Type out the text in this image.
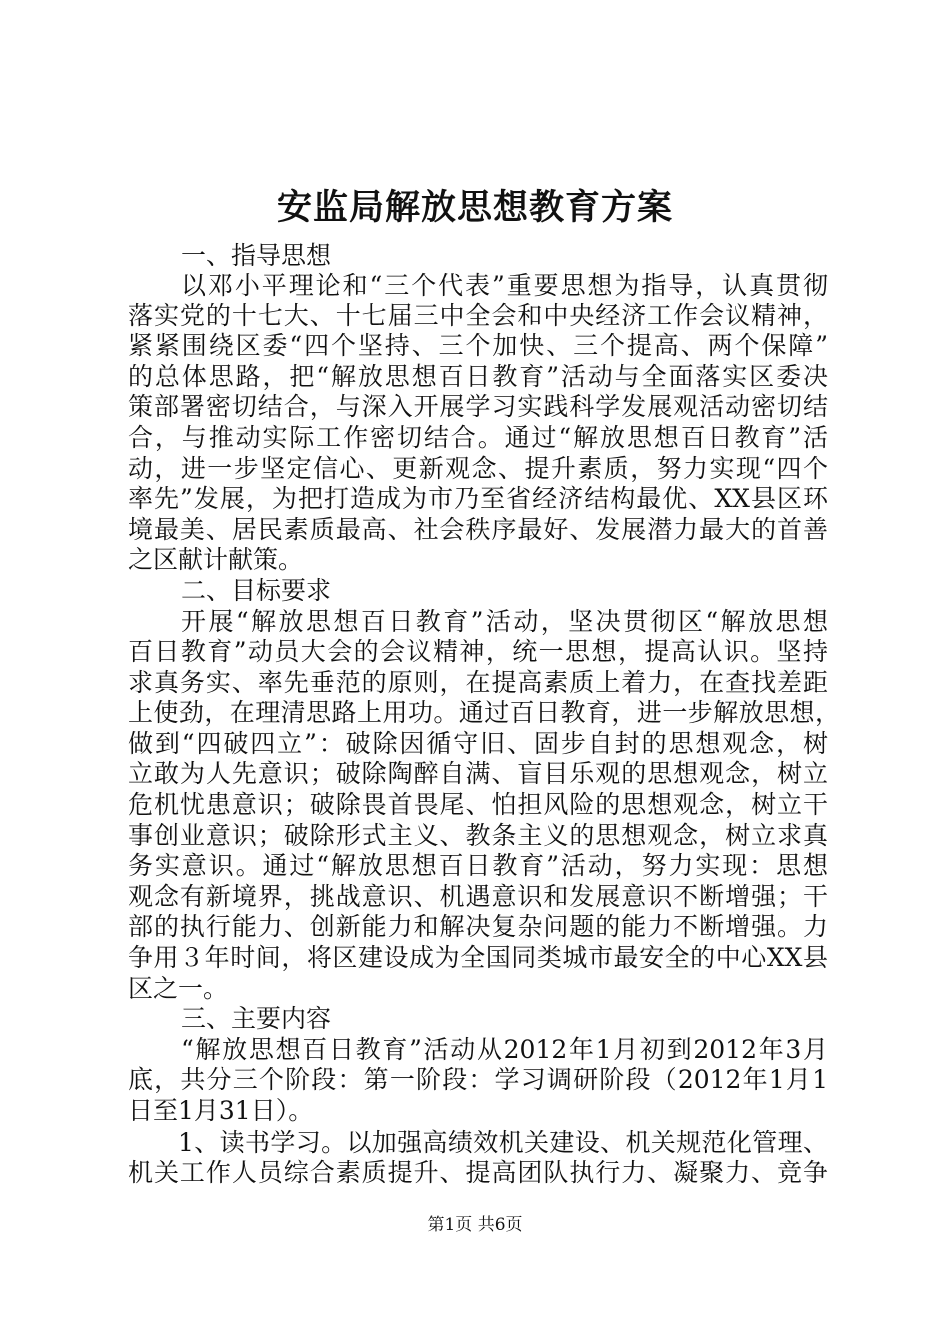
安监局解放思想教育方案
一、指导思想
以邓小平理论和“三个代表”重要思想为指导，认真贯彻
落实党的十七大、十七届三中全会和中央经济工作会议精神，
紧紧围绕区委“四个坚持、三个加快、三个提高、两个保障”
的总体思路，把“解放思想百日教育”活动与全面落实区委决
策部署密切结合，与深入开展学习实践科学发展观活动密切结
合，与推动实际工作密切结合。通过“解放思想百日教育”活
动，进一步坚定信心、更新观念、提升素质，努力实现“四个
率先”发展，为把打造成为市乃至省经济结构最优、XX县区环
境最美、居民素质最高、社会秩序最好、发展潜力最大的首善
之区献计献策。
二、目标要求
开展“解放思想百日教育”活动，坚决贯彻区“解放思想
百日教育”动员大会的会议精神，统一思想，提高认识。坚持
求真务实、率先垂范的原则，在提高素质上着力，在查找差距
上使劲，在理清思路上用功。通过百日教育，进一步解放思想，
做到“四破四立”：破除因循守旧、固步自封的思想观念，树
立敢为人先意识；破除陶醉自满、盲目乐观的思想观念，树立
危机忧患意识；破除畏首畏尾、怕担风险的思想观念，树立干
事创业意识；破除形式主义、教条主义的思想观念，树立求真
务实意识。通过“解放思想百日教育”活动，努力实现：思想
观念有新境界，挑战意识、机遇意识和发展意识不断增强；干
部的执行能力、创新能力和解决复杂问题的能力不断增强。力
争用３年时间，将区建设成为全国同类城市最安全的中心XX县
区之一。
三、主要内容
“解放思想百日教育”活动从2012年1月初到2012年3月
底，共分三个阶段：第一阶段：学习调研阶段（2012年1月1
日至1月31日）。
1、读书学习。以加强高绩效机关建设、机关规范化管理、
机关工作人员综合素质提升、提高团队执行力、凝聚力、竞争
第1页 共6页
